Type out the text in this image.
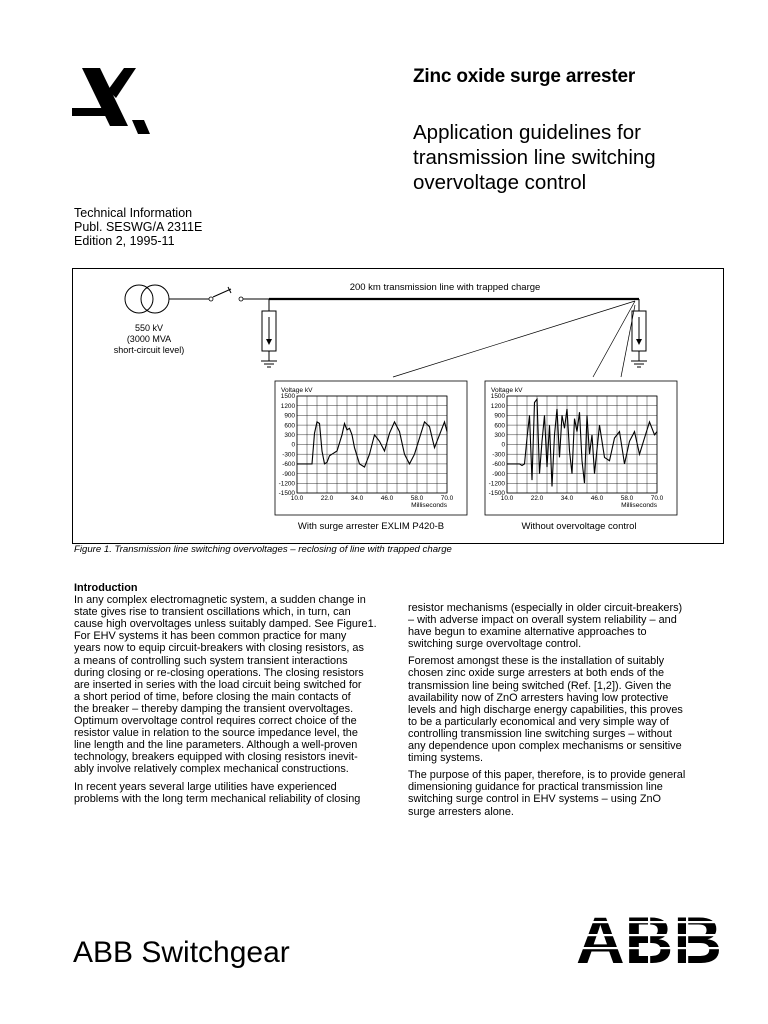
Zinc oxide surge arrester
Application guidelines for
transmission line switching
overvoltage control
Technical Information
Publ. SESWG/A 2311E
Edition 2, 1995-11
200 km transmission line with trapped charge
550 kV
(3000 MVA
short-circuit level)
1500
1200
900
600
300
0
-300
-600
-900
-1200
-1500
10.0	22.0	34.0	46.0	58.0	70.0
Voltage kV
Milliseconds
1500
1200
900
600
300
0
-300
-600
-900
-1200
-1500
10.0	22.0	34.0	46.0	58.0	70.0
Voltage kV
Milliseconds
With surge arrester EXLIM P420-B	Without overvoltage control
Figure 1. Transmission line switching overvoltages – reclosing of line with trapped charge

Introduction

In any complex electromagnetic system, a sudden change in
state gives rise to transient oscillations which, in turn, can
cause high overvoltages unless suitably damped. See Figure1.
For EHV systems it has been common practice for many
years now to equip circuit-breakers with closing resistors, as
a means of controlling such system transient interactions
during closing or re-closing operations. The closing resistors
are inserted in series with the load circuit being switched for
a short period of time, before closing the main contacts of
the breaker – thereby damping the transient overvoltages.
Optimum overvoltage control requires correct choice of the
resistor value in relation to the source impedance level, the
line length and the line parameters. Although a well-proven
technology, breakers equipped with closing resistors inevit-
ably involve relatively complex mechanical constructions.

In recent years several large utilities have experienced
problems with the long term mechanical reliability of closing

resistor mechanisms (especially in older circuit-breakers)
– with adverse impact on overall system reliability – and
have begun to examine alternative approaches to
switching surge overvoltage control.

Foremost amongst these is the installation of suitably
chosen zinc oxide surge arresters at both ends of the
transmission line being switched (Ref. [1,2]). Given the
availability now of ZnO arresters having low protective
levels and high discharge energy capabilities, this proves
to be a particularly economical and very simple way of
controlling transmission line switching surges – without
any dependence upon complex mechanisms or sensitive
timing systems.

The purpose of this paper, therefore, is to provide general
dimensioning guidance for practical transmission line
switching surge control in EHV systems – using ZnO
surge arresters alone.

ABB Switchgear
